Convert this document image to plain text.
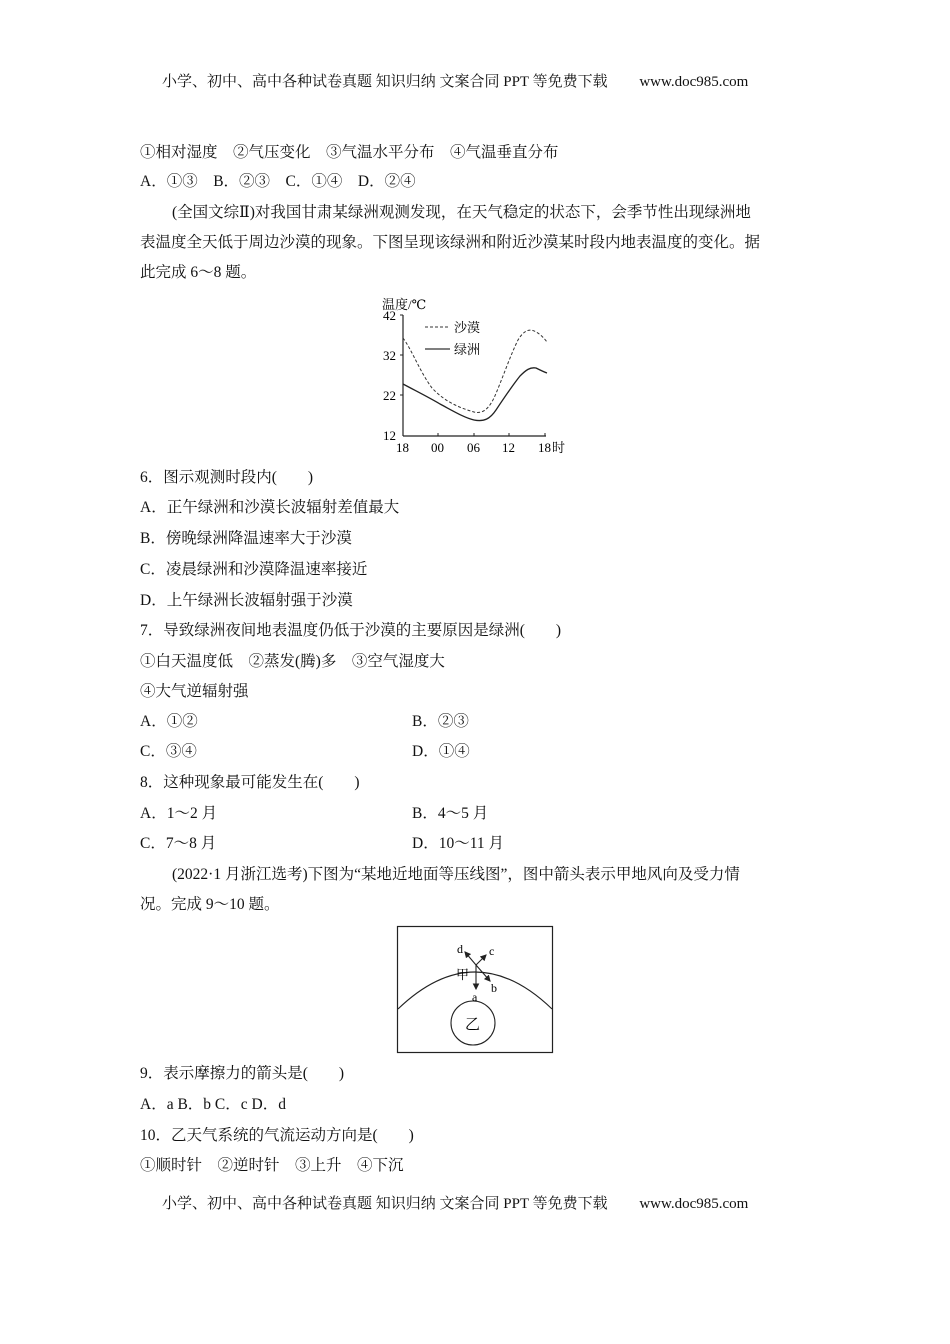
小学、初中、高中各种试卷真题 知识归纳 文案合同 PPT 等免费下载 www.doc985.com
①相对湿度　②气压变化　③气温水平分布　④气温垂直分布
A．①③　B．②③　C．①④　D．②④
(全国文综Ⅱ)对我国甘肃某绿洲观测发现，在天气稳定的状态下，会季节性出现绿洲地
表温度全天低于周边沙漠的现象。下图呈现该绿洲和附近沙漠某时段内地表温度的变化。据
此完成 6～8 题。
温度/℃
42
32
22
12
18 00 06 12 18 时
沙漠
绿洲
6．图示观测时段内(　　)
A．正午绿洲和沙漠长波辐射差值最大
B．傍晚绿洲降温速率大于沙漠
C．凌晨绿洲和沙漠降温速率接近
D．上午绿洲长波辐射强于沙漠
7．导致绿洲夜间地表温度仍低于沙漠的主要原因是绿洲(　　)
①白天温度低　②蒸发(腾)多　③空气湿度大
④大气逆辐射强
A．①②	B．②③
C．③④	D．①④
8．这种现象最可能发生在(　　)
A．1～2 月	B．4～5 月
C．7～8 月	D．10～11 月
(2022·1 月浙江选考)下图为“某地近地面等压线图”，图中箭头表示甲地风向及受力情
况。完成 9～10 题。
乙
甲
a
b
c
d
9．表示摩擦力的箭头是(　　)
A．a B．b C．c D．d
10．乙天气系统的气流运动方向是(　　)
①顺时针　②逆时针　③上升　④下沉
小学、初中、高中各种试卷真题 知识归纳 文案合同 PPT 等免费下载 www.doc985.com
